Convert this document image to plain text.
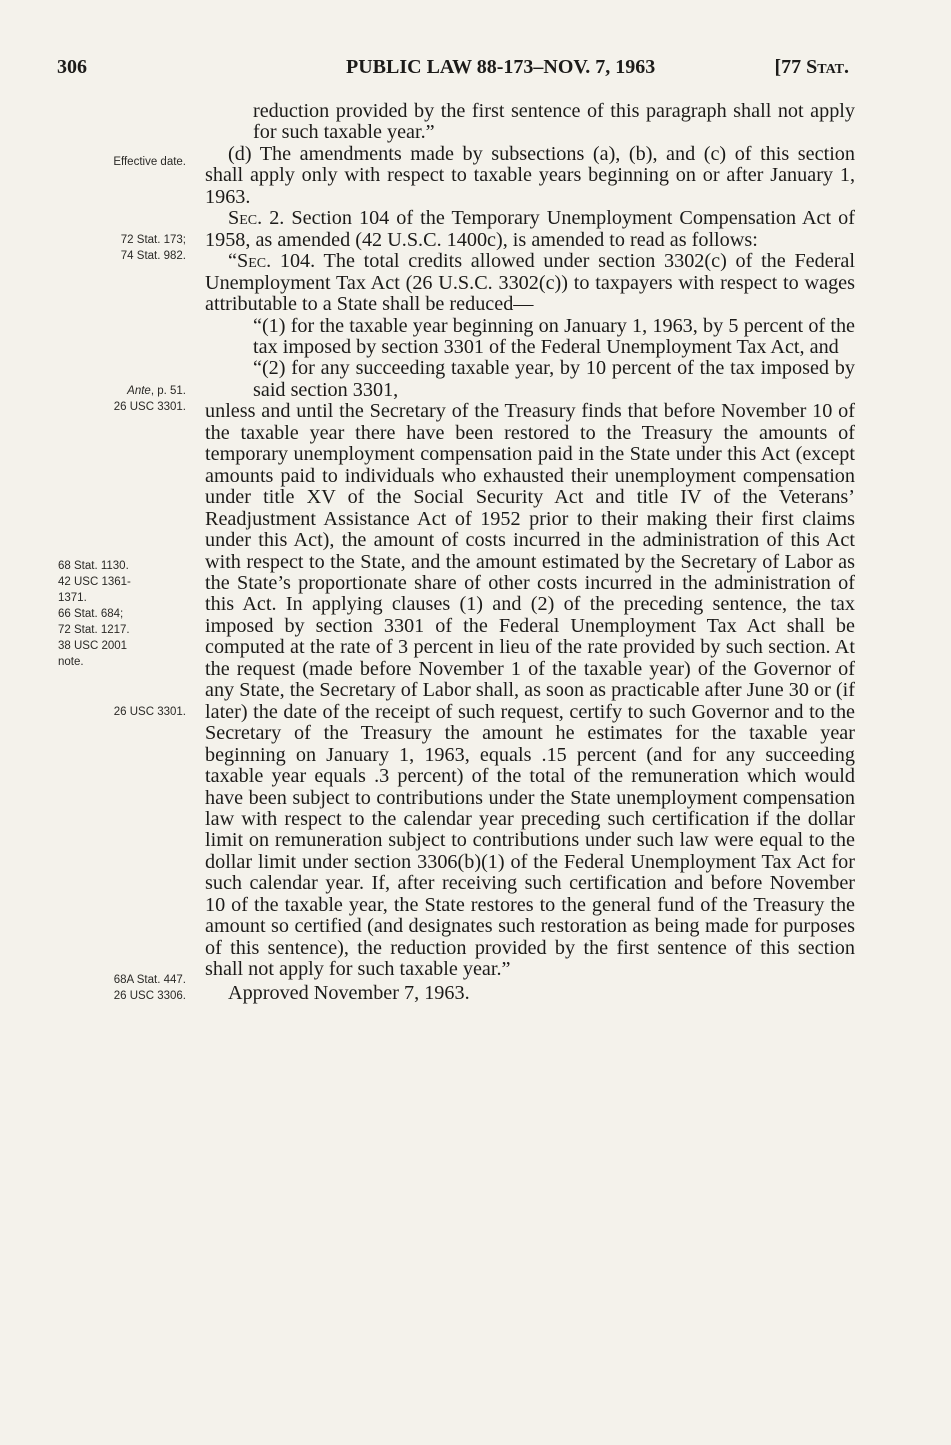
306	PUBLIC LAW 88-173–NOV. 7, 1963	[77 Stat.
Effective date.
72 Stat. 173;
74 Stat. 982.
Ante, p. 51.
26 USC 3301.
68 Stat. 1130.
42 USC 1361-
1371.
66 Stat. 684;
72 Stat. 1217.
38 USC 2001
note.
26 USC 3301.
68A Stat. 447.
26 USC 3306.

reduction provided by the first sentence of this paragraph shall not apply for such taxable year.”

(d) The amendments made by subsections (a), (b), and (c) of this section shall apply only with respect to taxable years beginning on or after January 1, 1963.

Sec. 2. Section 104 of the Temporary Unemployment Compensation Act of 1958, as amended (42 U.S.C. 1400c), is amended to read as follows:

“Sec. 104. The total credits allowed under section 3302(c) of the Federal Unemployment Tax Act (26 U.S.C. 3302(c)) to taxpayers with respect to wages attributable to a State shall be reduced—

“(1) for the taxable year beginning on January 1, 1963, by 5 percent of the tax imposed by section 3301 of the Federal Unemployment Tax Act, and

“(2) for any succeeding taxable year, by 10 percent of the tax imposed by said section 3301,

unless and until the Secretary of the Treasury finds that before November 10 of the taxable year there have been restored to the Treasury the amounts of temporary unemployment compensation paid in the State under this Act (except amounts paid to individuals who exhausted their unemployment compensation under title XV of the Social Security Act and title IV of the Veterans’ Readjustment Assistance Act of 1952 prior to their making their first claims under this Act), the amount of costs incurred in the administration of this Act with respect to the State, and the amount estimated by the Secretary of Labor as the State’s proportionate share of other costs incurred in the administration of this Act. In applying clauses (1) and (2) of the preceding sentence, the tax imposed by section 3301 of the Federal Unemployment Tax Act shall be computed at the rate of 3 percent in lieu of the rate provided by such section. At the request (made before November 1 of the taxable year) of the Governor of any State, the Secretary of Labor shall, as soon as practicable after June 30 or (if later) the date of the receipt of such request, certify to such Governor and to the Secretary of the Treasury the amount he estimates for the taxable year beginning on January 1, 1963, equals .15 percent (and for any succeeding taxable year equals .3 percent) of the total of the remuneration which would have been subject to contributions under the State unemployment compensation law with respect to the calendar year preceding such certification if the dollar limit on remuneration subject to contributions under such law were equal to the dollar limit under section 3306(b)(1) of the Federal Unemployment Tax Act for such calendar year. If, after receiving such certification and before November 10 of the taxable year, the State restores to the general fund of the Treasury the amount so certified (and designates such restoration as being made for purposes of this sentence), the reduction provided by the first sentence of this section shall not apply for such taxable year.”

Approved November 7, 1963.
